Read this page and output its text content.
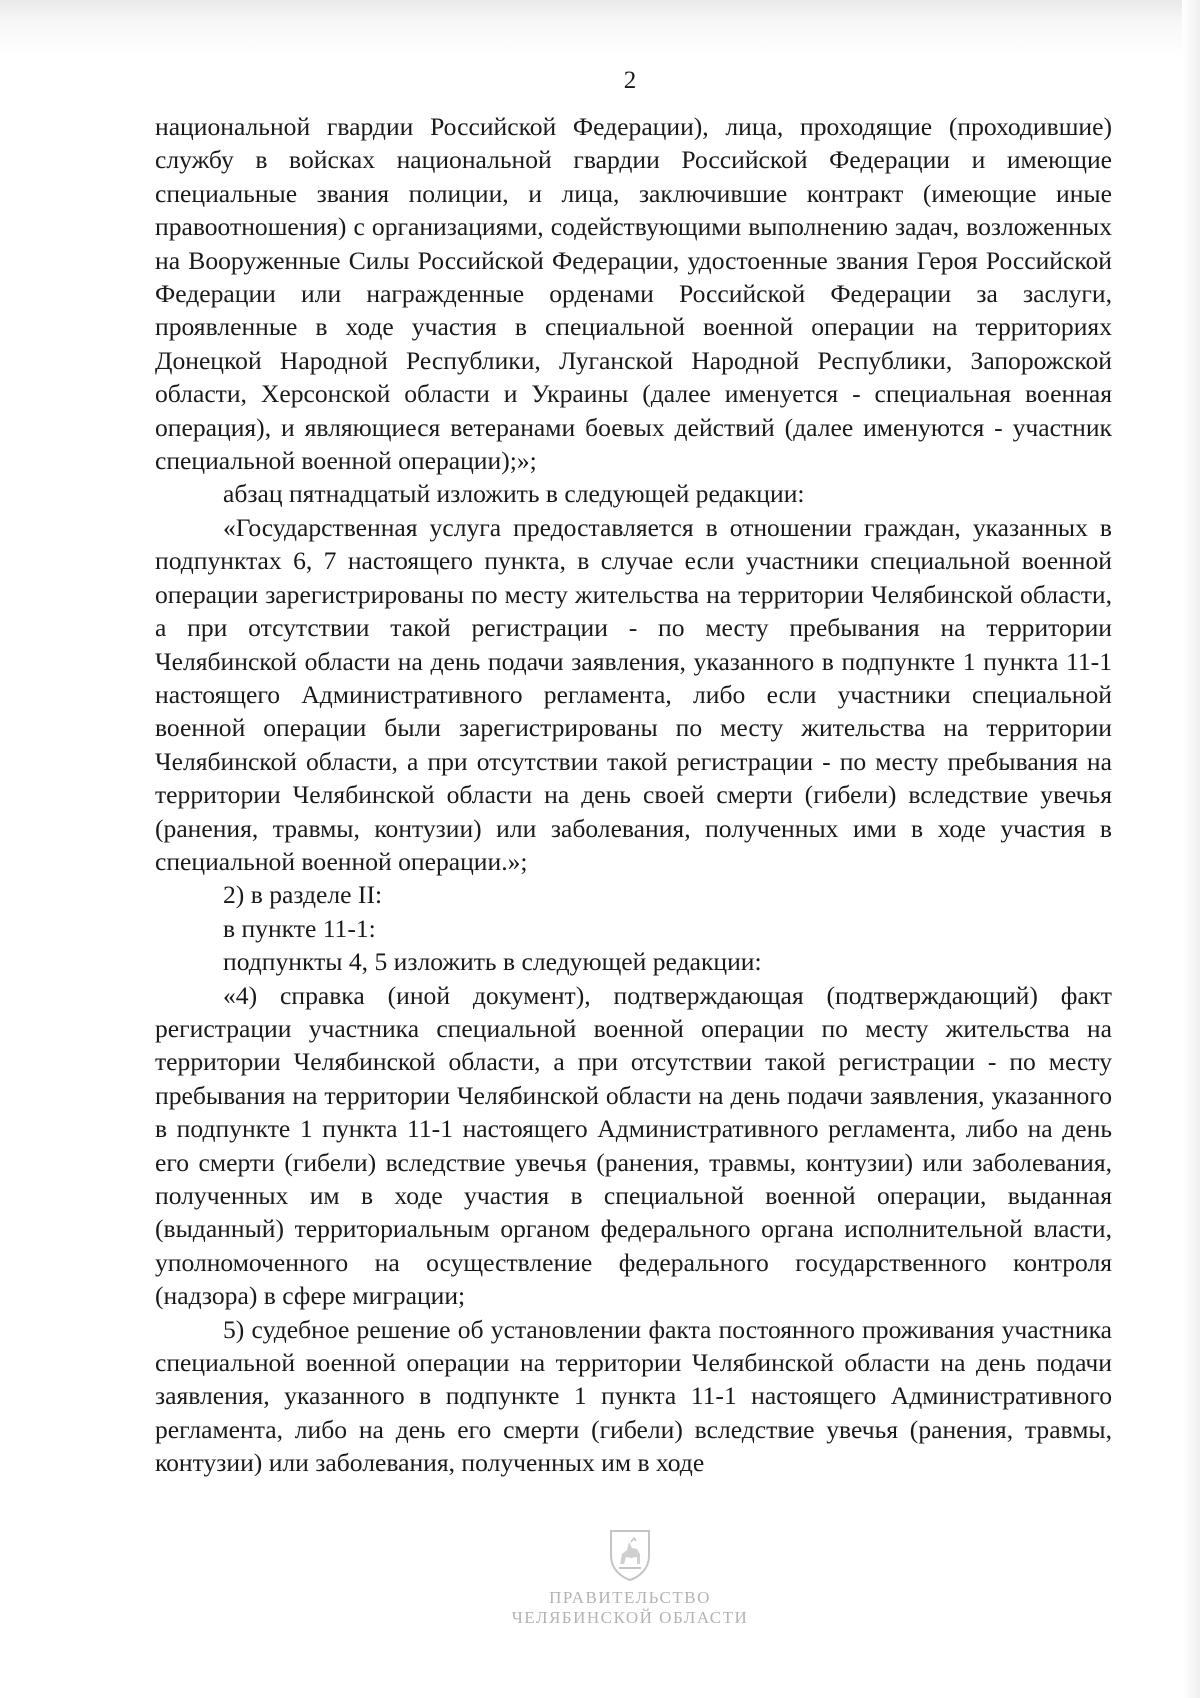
2

национальной гвардии Российской Федерации), лица, проходящие (проходившие) службу в войсках национальной гвардии Российской Федерации и имеющие специальные звания полиции, и лица, заключившие контракт (имеющие иные правоотношения) с организациями, содействующими выполнению задач, возложенных на Вооруженные Силы Российской Федерации, удостоенные звания Героя Российской Федерации или награжденные орденами Российской Федерации за заслуги, проявленные в ходе участия в специальной военной операции на территориях Донецкой Народной Республики, Луганской Народной Республики, Запорожской области, Херсонской области и Украины (далее именуется - специальная военная операция), и являющиеся ветеранами боевых действий (далее именуются - участник специальной военной операции);»;

абзац пятнадцатый изложить в следующей редакции:

«Государственная услуга предоставляется в отношении граждан, указанных в подпунктах 6, 7 настоящего пункта, в случае если участники специальной военной операции зарегистрированы по месту жительства на территории Челябинской области, а при отсутствии такой регистрации - по месту пребывания на территории Челябинской области на день подачи заявления, указанного в подпункте 1 пункта 11-1 настоящего Административного регламента, либо если участники специальной военной операции были зарегистрированы по месту жительства на территории Челябинской области, а при отсутствии такой регистрации - по месту пребывания на территории Челябинской области на день своей смерти (гибели) вследствие увечья (ранения, травмы, контузии) или заболевания, полученных ими в ходе участия в специальной военной операции.»;

2) в разделе II:

в пункте 11-1:

подпункты 4, 5 изложить в следующей редакции:

«4) справка (иной документ), подтверждающая (подтверждающий) факт регистрации участника специальной военной операции по месту жительства на территории Челябинской области, а при отсутствии такой регистрации - по месту пребывания на территории Челябинской области на день подачи заявления, указанного в подпункте 1 пункта 11-1 настоящего Административного регламента, либо на день его смерти (гибели) вследствие увечья (ранения, травмы, контузии) или заболевания, полученных им в ходе участия в специальной военной операции, выданная (выданный) территориальным органом федерального органа исполнительной власти, уполномоченного на осуществление федерального государственного контроля (надзора) в сфере миграции;

5) судебное решение об установлении факта постоянного проживания участника специальной военной операции на территории Челябинской области на день подачи заявления, указанного в подпункте 1 пункта 11-1 настоящего Административного регламента, либо на день его смерти (гибели) вследствие увечья (ранения, травмы, контузии) или заболевания, полученных им в ходе

ПРАВИТЕЛЬСТВО
ЧЕЛЯБИНСКОЙ ОБЛАСТИ
